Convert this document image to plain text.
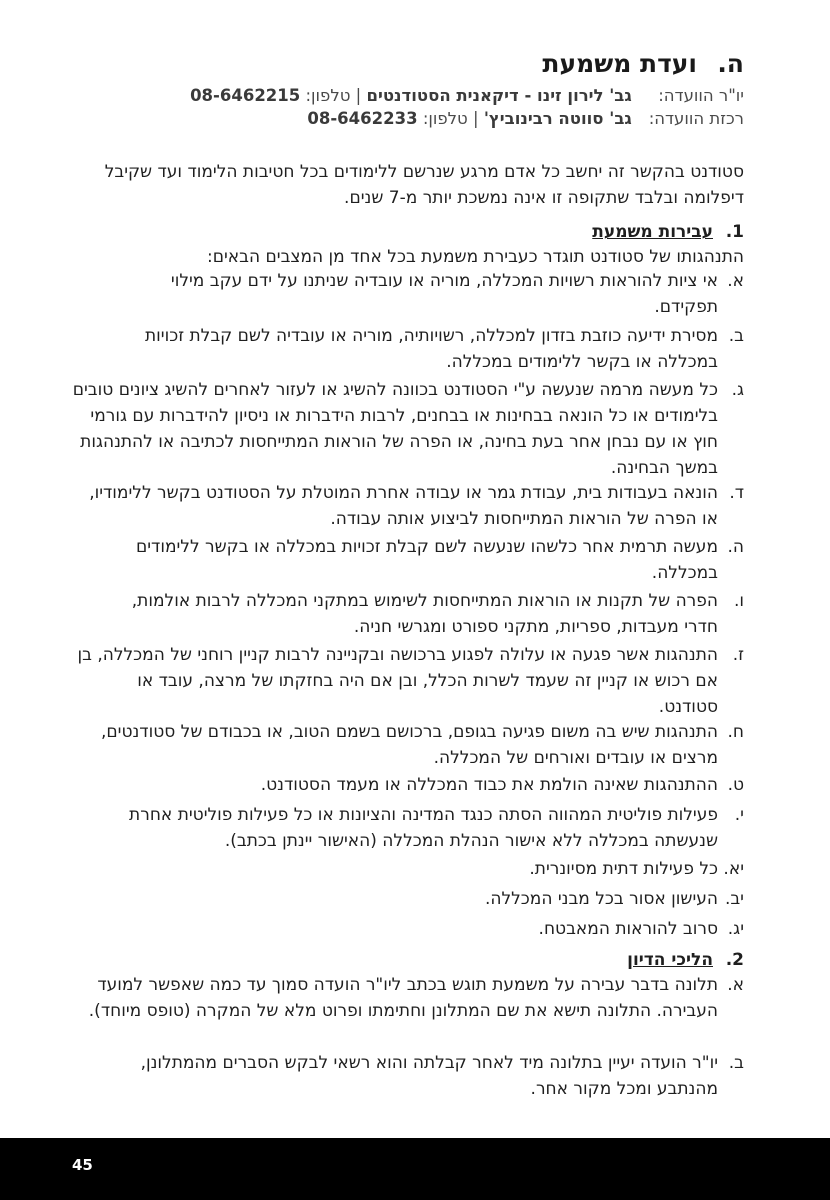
ה.
ועדת משמעת
יו"ר הוועדה: גב' לירון זינו - דיקאנית הסטודנטים | טלפון: 08-6462215
רכזת הוועדה: גב' סווטה רבינוביץ' | טלפון: 08-6462233
סטודנט בהקשר זה יחשב כל אדם מרגע שנרשם ללימודים בכל חטיבות הלימוד ועד שקיבל דיפלומה ובלבד שתקופה זו אינה נמשכת יותר מ-7 שנים.
1.
עבירות משמעת
התנהגותו של סטודנט תוגדר כעבירת משמעת בכל אחד מן המצבים הבאים:
א.
אי ציות להוראות רשויות המכללה, מוריה או עובדיה שניתנו על ידם עקב מילוי תפקידם.
ב.
מסירת ידיעה כוזבת בזדון למכללה, רשויותיה, מוריה או עובדיה לשם קבלת זכויות במכללה או בקשר ללימודים במכללה.
ג.
כל מעשה מרמה שנעשה ע"י הסטודנט בכוונה להשיג או לעזור לאחרים להשיג ציונים טובים בלימודים או כל הונאה בבחינות או בבחנים, לרבות הידברות או ניסיון להידברות עם גורמי חוץ או עם נבחן אחר בעת בחינה, או הפרה של הוראות המתייחסות לכתיבה או להתנהגות במשך הבחינה.
ד.
הונאה בעבודות בית, עבודת גמר או עבודה אחרת המוטלת על הסטודנט בקשר ללימודיו, או הפרה של הוראות המתייחסות לביצוע אותה עבודה.
ה.
מעשה תרמית אחר כלשהו שנעשה לשם קבלת זכויות במכללה או בקשר ללימודים במכללה.
ו.
הפרה של תקנות או הוראות המתייחסות לשימוש במתקני המכללה לרבות אולמות, חדרי מעבדות, ספריות, מתקני ספורט ומגרשי חניה.
ז.
התנהגות אשר פגעה או עלולה לפגוע ברכושה ובקניינה לרבות קניין רוחני של המכללה, בן אם רכוש או קניין זה שעמד לשרות הכלל, ובן אם היה בחזקתו של מרצה, עובד או סטודנט.
ח.
התנהגות שיש בה משום פגיעה בגופם, ברכושם בשמם הטוב, או בכבודם של סטודנטים, מרצים או עובדים ואורחים של המכללה.
ט.
ההתנהגות שאינה הולמת את כבוד המכללה או מעמד הסטודנט.
י.
פעילות פוליטית המהווה הסתה כנגד המדינה והציונות או כל פעילות פוליטית אחרת שנעשתה במכללה ללא אישור הנהלת המכללה (האישור יינתן בכתב).
יא.
כל פעילות דתית מסיונרית.
יב.
העישון אסור בכל מבני המכללה.
יג.
סרוב להוראות המאבטח.
2.
הליכי הדיון
א.
תלונה בדבר עבירה על משמעת תוגש בכתב ליו"ר הועדה סמוך עד כמה שאפשר למועד העבירה. התלונה תישא את שם המתלונן וחתימתו ופרוט מלא של המקרה (טופס מיוחד).
ב.
יו"ר הועדה יעיין בתלונה מיד לאחר קבלתה והוא רשאי לבקש הסברים מהמתלונן, מהנתבע ומכל מקור אחר.
45
